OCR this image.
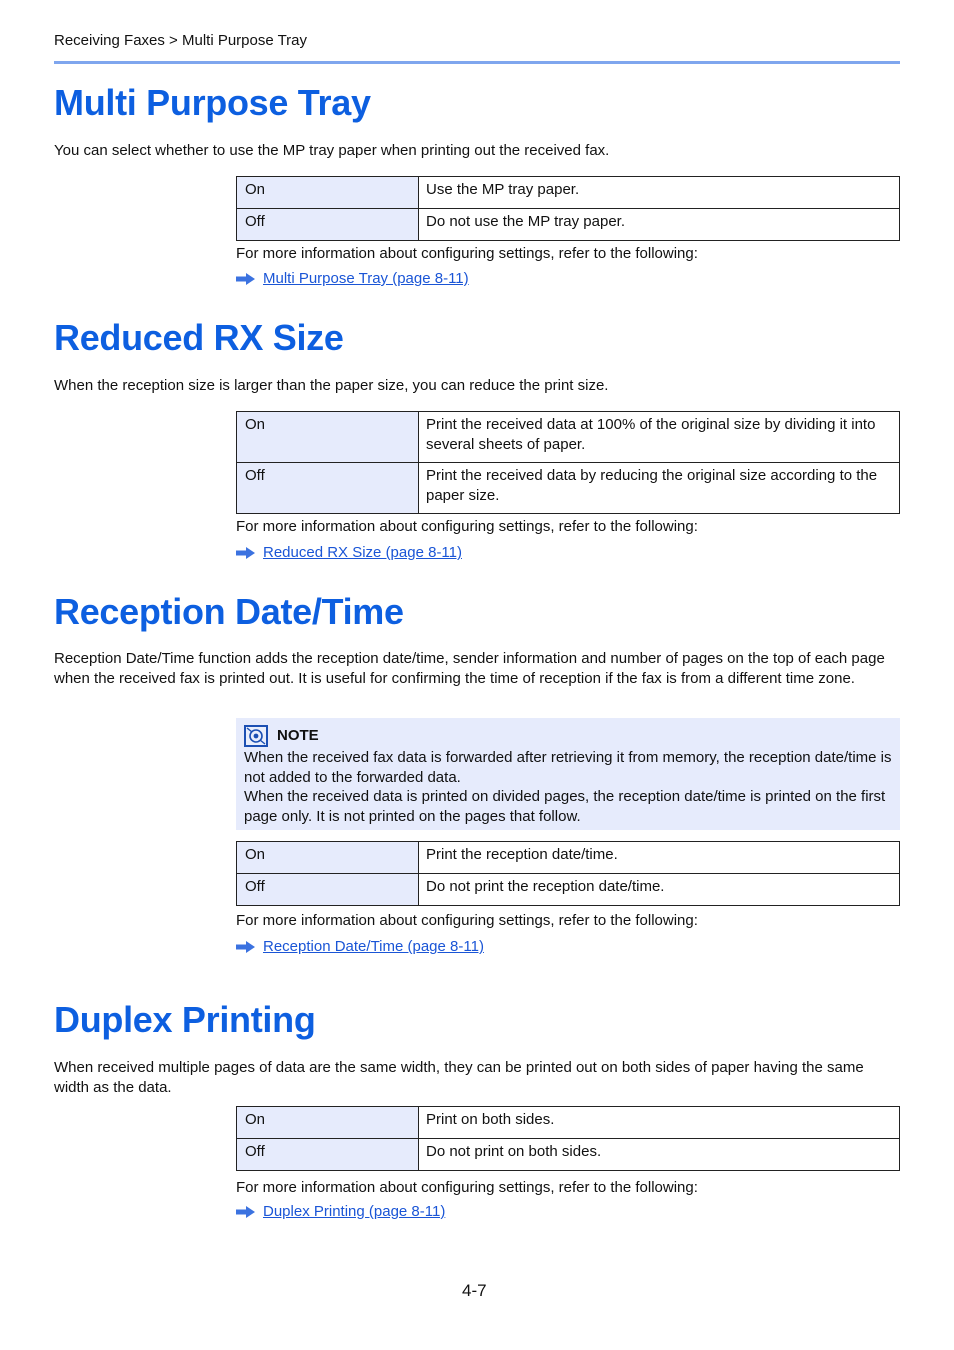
Receiving Faxes > Multi Purpose Tray
Multi Purpose Tray

You can select whether to use the MP tray paper when printing out the received fax.

On	Use the MP tray paper.
Off	Do not use the MP tray paper.
For more information about configuring settings, refer to the following:
Multi Purpose Tray (page 8-11)
Reduced RX Size

When the reception size is larger than the paper size, you can reduce the print size.

On	Print the received data at 100% of the original size by dividing it into several sheets of paper.
Off	Print the received data by reducing the original size according to the paper size.
For more information about configuring settings, refer to the following:
Reduced RX Size (page 8-11)
Reception Date/Time

Reception Date/Time function adds the reception date/time, sender information and number of pages on the top of each page when the received fax is printed out. It is useful for confirming the time of reception if the fax is from a different time zone.

NOTE
When the received fax data is forwarded after retrieving it from memory, the reception date/time is not added to the forwarded data.
When the received data is printed on divided pages, the reception date/time is printed on the first page only. It is not printed on the pages that follow.
On	Print the reception date/time.
Off	Do not print the reception date/time.
For more information about configuring settings, refer to the following:
Reception Date/Time (page 8-11)
Duplex Printing

When received multiple pages of data are the same width, they can be printed out on both sides of paper having the same width as the data.

On	Print on both sides.
Off	Do not print on both sides.
For more information about configuring settings, refer to the following:
Duplex Printing (page 8-11)
4-7
